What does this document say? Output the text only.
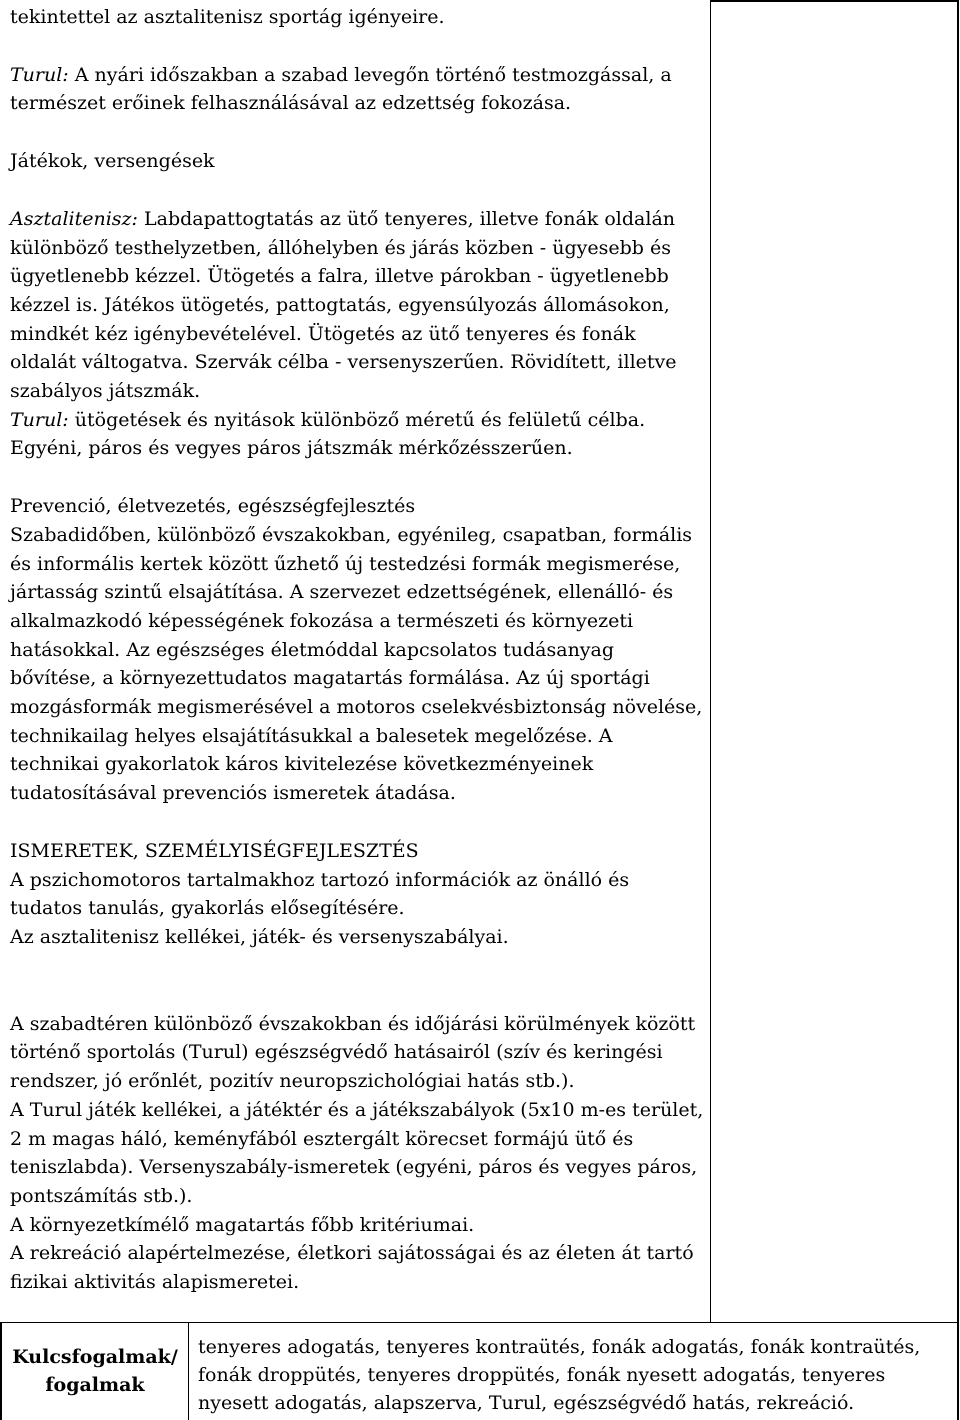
tekintettel az asztalitenisz sportág igényeire.

Turul: A nyári időszakban a szabad levegőn történő testmozgással, a természet erőinek felhasználásával az edzettség fokozása.

Játékok, versengések

Asztalitenisz: Labdapattogtatás az ütő tenyeres, illetve fonák oldalán különböző testhelyzetben, állóhelyben és járás közben - ügyesebb és ügyetlenebb kézzel. Ütögetés a falra, illetve párokban - ügyetlenebb kézzel is. Játékos ütögetés, pattogtatás, egyensúlyozás állomásokon, mindkét kéz igénybevételével. Ütögetés az ütő tenyeres és fonák oldalát váltogatva. Szervák célba - versenyszerűen. Rövidített, illetve szabályos játszmák.

Turul: ütögetések és nyitások különböző méretű és felületű célba.

Egyéni, páros és vegyes páros játszmák mérkőzésszerűen.

Prevenció, életvezetés, egészségfejlesztés

Szabadidőben, különböző évszakokban, egyénileg, csapatban, formális és informális kertek között űzhető új testedzési formák megismerése, jártasság szintű elsajátítása. A szervezet edzettségének, ellenálló- és alkalmazkodó képességének fokozása a természeti és környezeti hatásokkal. Az egészséges életmóddal kapcsolatos tudásanyag bővítése, a környezettudatos magatartás formálása. Az új sportági mozgásformák megismerésével a motoros cselekvésbiztonság növelése, technikailag helyes elsajátításukkal a balesetek megelőzése. A technikai gyakorlatok káros kivitelezése következményeinek tudatosításával prevenciós ismeretek átadása.

ISMERETEK, SZEMÉLYISÉGFEJLESZTÉS

A pszichomotoros tartalmakhoz tartozó információk az önálló és tudatos tanulás, gyakorlás elősegítésére.

Az asztalitenisz kellékei, játék- és versenyszabályai.

A szabadtéren különböző évszakokban és időjárási körülmények között történő sportolás (Turul) egészségvédő hatásairól (szív és keringési rendszer, jó erőnlét, pozitív neuropszichológiai hatás stb.).

A Turul játék kellékei, a játéktér és a játékszabályok (5x10 m-es terület, 2 m magas háló, keményfából esztergált körecset formájú ütő és teniszlabda). Versenyszabály-ismeretek (egyéni, páros és vegyes páros, pontszámítás stb.).

A környezetkímélő magatartás főbb kritériumai.

A rekreáció alapértelmezése, életkori sajátosságai és az életen át tartó fizikai aktivitás alapismeretei.

Kulcsfogalmak/
fogalmak
tenyeres adogatás, tenyeres kontraütés, fonák adogatás, fonák kontraütés, fonák droppütés, tenyeres droppütés, fonák nyesett adogatás, tenyeres nyesett adogatás, alapszerva, Turul, egészségvédő hatás, rekreáció.
